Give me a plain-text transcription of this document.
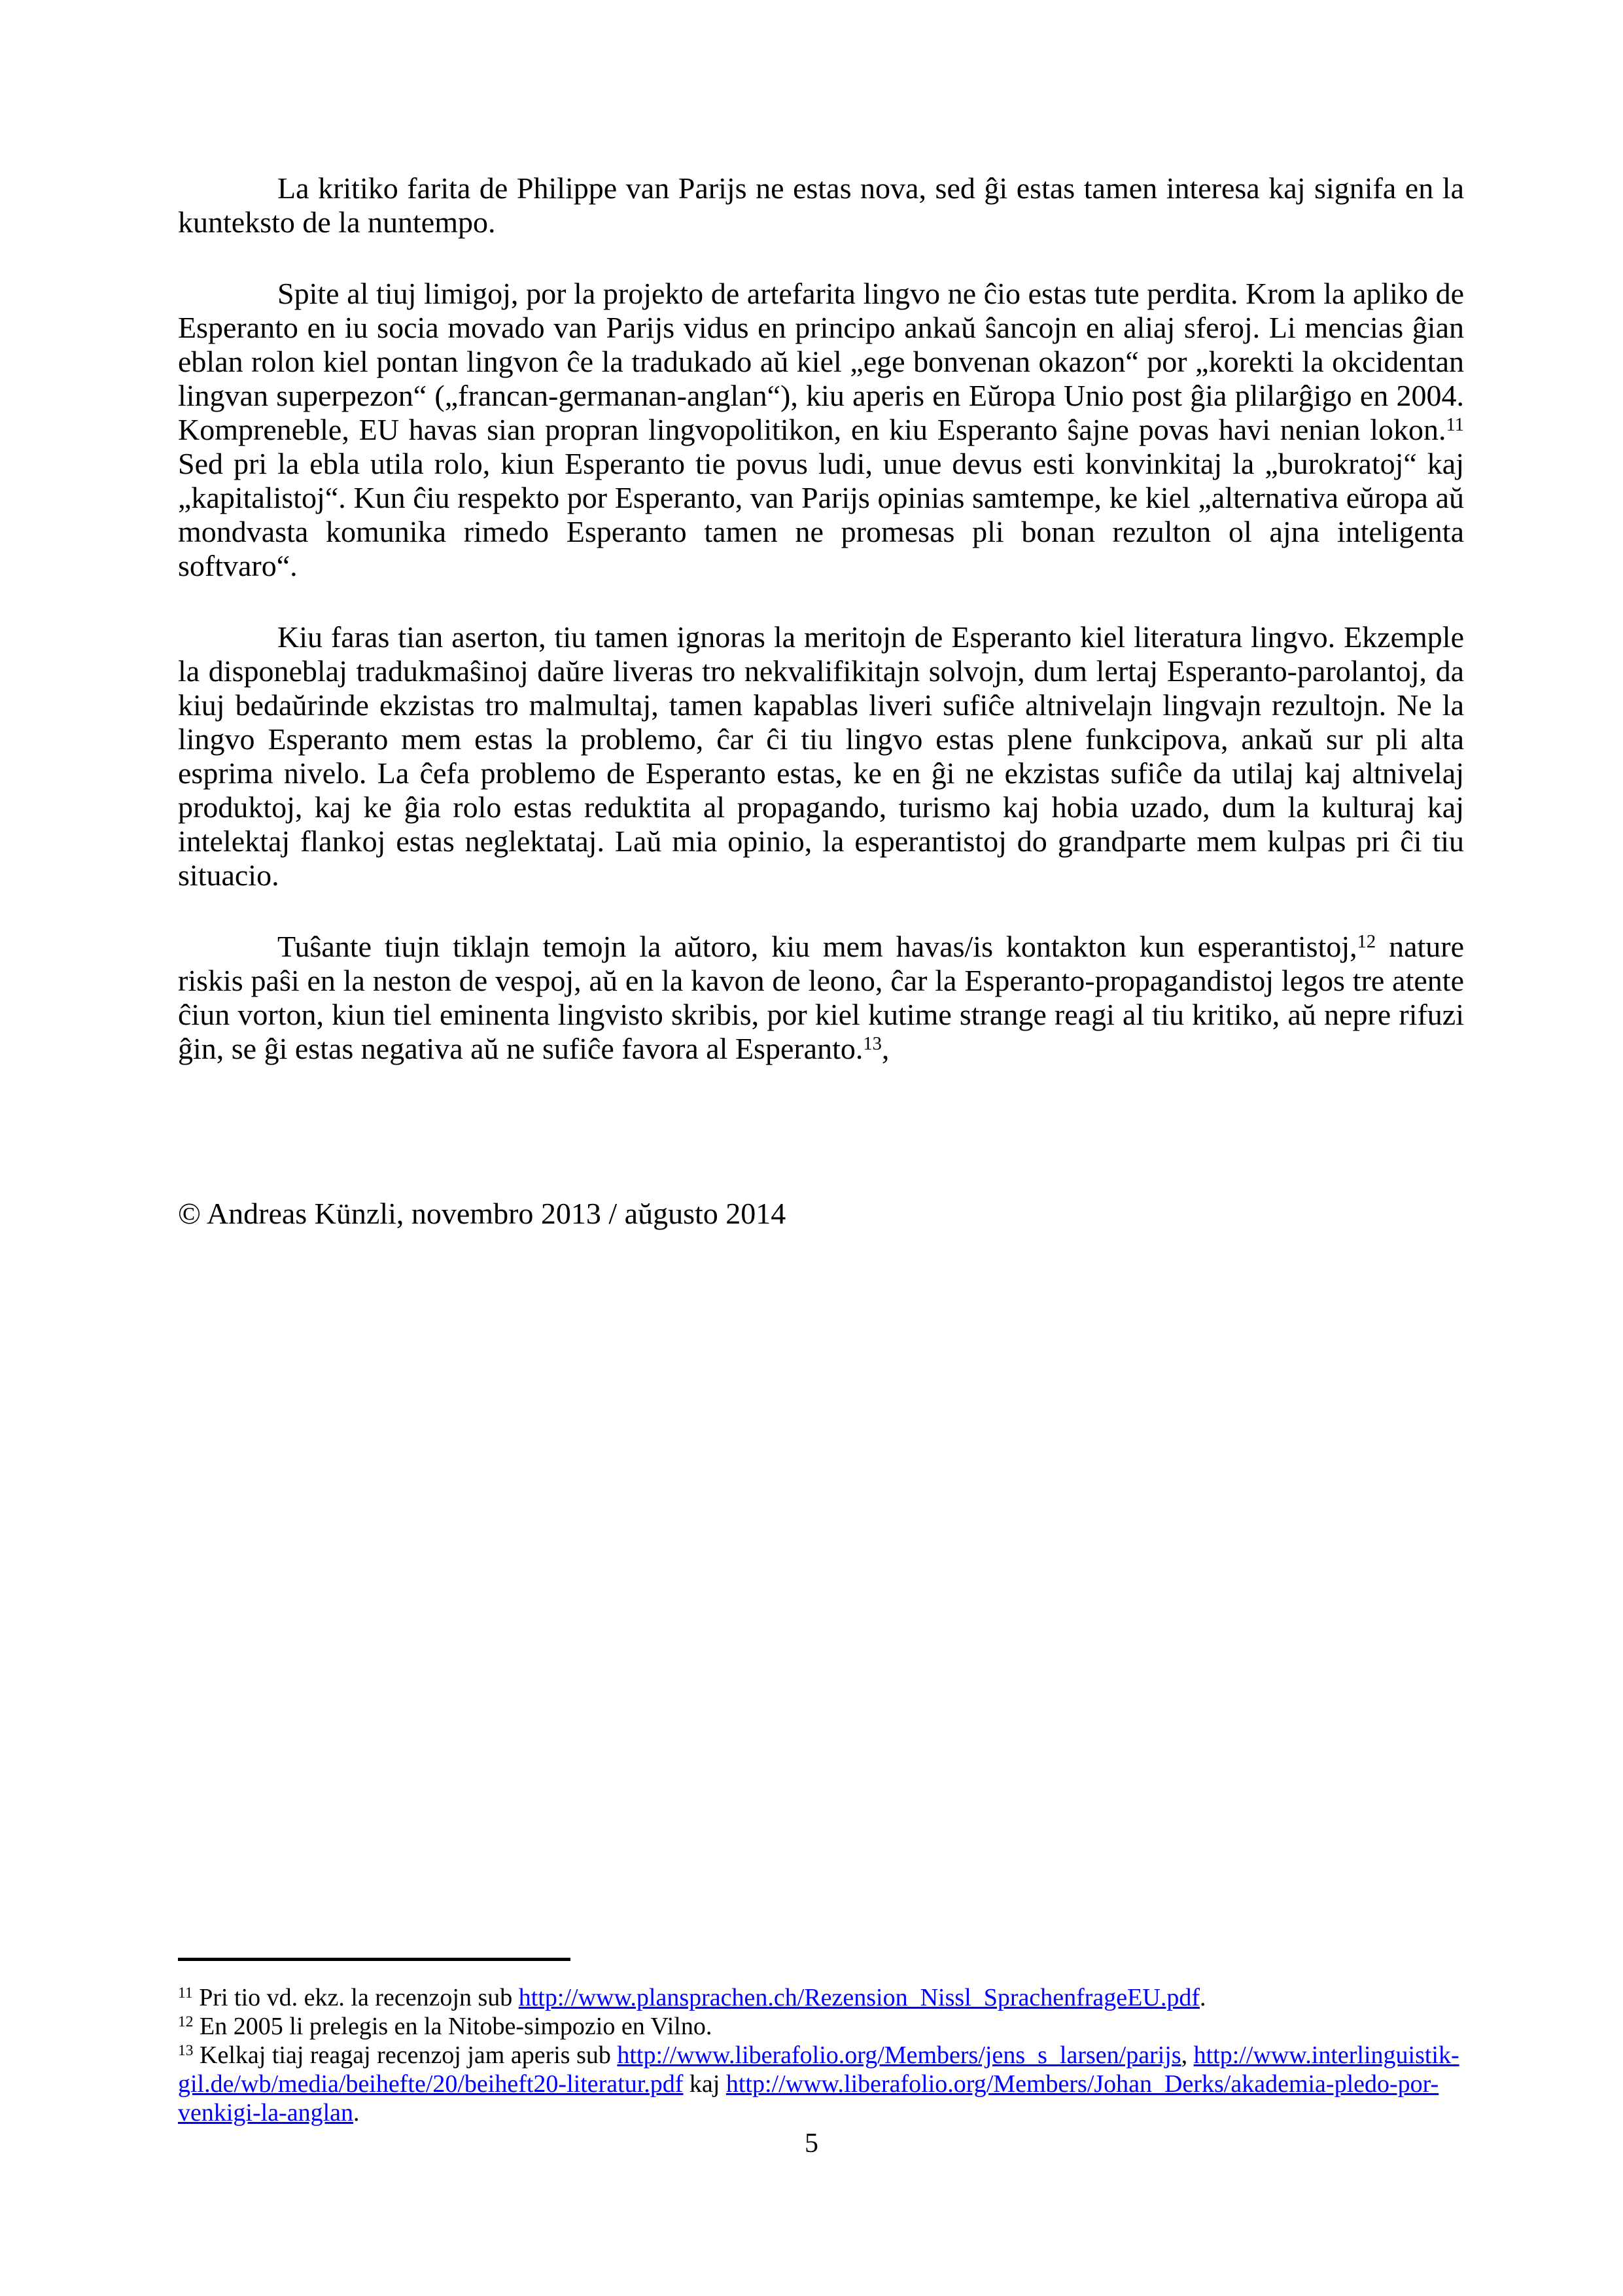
La kritiko farita de Philippe van Parijs ne estas nova, sed ĝi estas tamen interesa kaj signifa en la kunteksto de la nuntempo.

Spite al tiuj limigoj, por la projekto de artefarita lingvo ne ĉio estas tute perdita. Krom la apliko de Esperanto en iu socia movado van Parijs vidus en principo ankaŭ ŝancojn en aliaj sferoj. Li mencias ĝian eblan rolon kiel pontan lingvon ĉe la tradukado aŭ kiel „ege bonvenan okazon“ por „korekti la okcidentan lingvan superpezon“ („francan-germanan-anglan“), kiu aperis en Eŭropa Unio post ĝia plilarĝigo en 2004. Kompreneble, EU havas sian propran lingvopolitikon, en kiu Esperanto ŝajne povas havi nenian lokon.$^{11}$ Sed pri la ebla utila rolo, kiun Esperanto tie povus ludi, unue devus esti konvinkitaj la „burokratoj“ kaj „kapitalistoj“. Kun ĉiu respekto por Esperanto, van Parijs opinias samtempe, ke kiel „alternativa eŭropa aŭ mondvasta komunika rimedo Esperanto tamen ne promesas pli bonan rezulton ol ajna inteligenta softvaro“.

Kiu faras tian aserton, tiu tamen ignoras la meritojn de Esperanto kiel literatura lingvo. Ekzemple la disponeblaj tradukmaŝinoj daŭre liveras tro nekvalifikitajn solvojn, dum lertaj Esperanto-parolantoj, da kiuj bedaŭrinde ekzistas tro malmultaj, tamen kapablas liveri sufiĉe altnivelajn lingvajn rezultojn. Ne la lingvo Esperanto mem estas la problemo, ĉar ĉi tiu lingvo estas plene funkcipova, ankaŭ sur pli alta esprima nivelo. La ĉefa problemo de Esperanto estas, ke en ĝi ne ekzistas sufiĉe da utilaj kaj altnivelaj produktoj, kaj ke ĝia rolo estas reduktita al propagando, turismo kaj hobia uzado, dum la kulturaj kaj intelektaj flankoj estas neglektataj. Laŭ mia opinio, la esperantistoj do grandparte mem kulpas pri ĉi tiu situacio.

Tuŝante tiujn tiklajn temojn la aŭtoro, kiu mem havas/is kontakton kun esperantistoj,$^{12}$ nature riskis paŝi en la neston de vespoj, aŭ en la kavon de leono, ĉar la Esperanto-propagandistoj legos tre atente ĉiun vorton, kiun tiel eminenta lingvisto skribis, por kiel kutime strange reagi al tiu kritiko, aŭ nepre rifuzi ĝin, se ĝi estas negativa aŭ ne sufiĉe favora al Esperanto.$^{13}$,

© Andreas Künzli, novembro 2013 / aŭgusto 2014
$^{11}$ Pri tio vd. ekz. la recenzojn sub http://www.plansprachen.ch/Rezension_Nissl_SprachenfrageEU.pdf.
$^{12}$ En 2005 li prelegis en la Nitobe-simpozio en Vilno.
$^{13}$ Kelkaj tiaj reagaj recenzoj jam aperis sub http://www.liberafolio.org/Members/jens_s_larsen/parijs, http://www.interlinguistik-gil.de/wb/media/beihefte/20/beiheft20-literatur.pdf kaj http://www.liberafolio.org/Members/Johan_Derks/akademia-pledo-por-venkigi-la-anglan.
5
